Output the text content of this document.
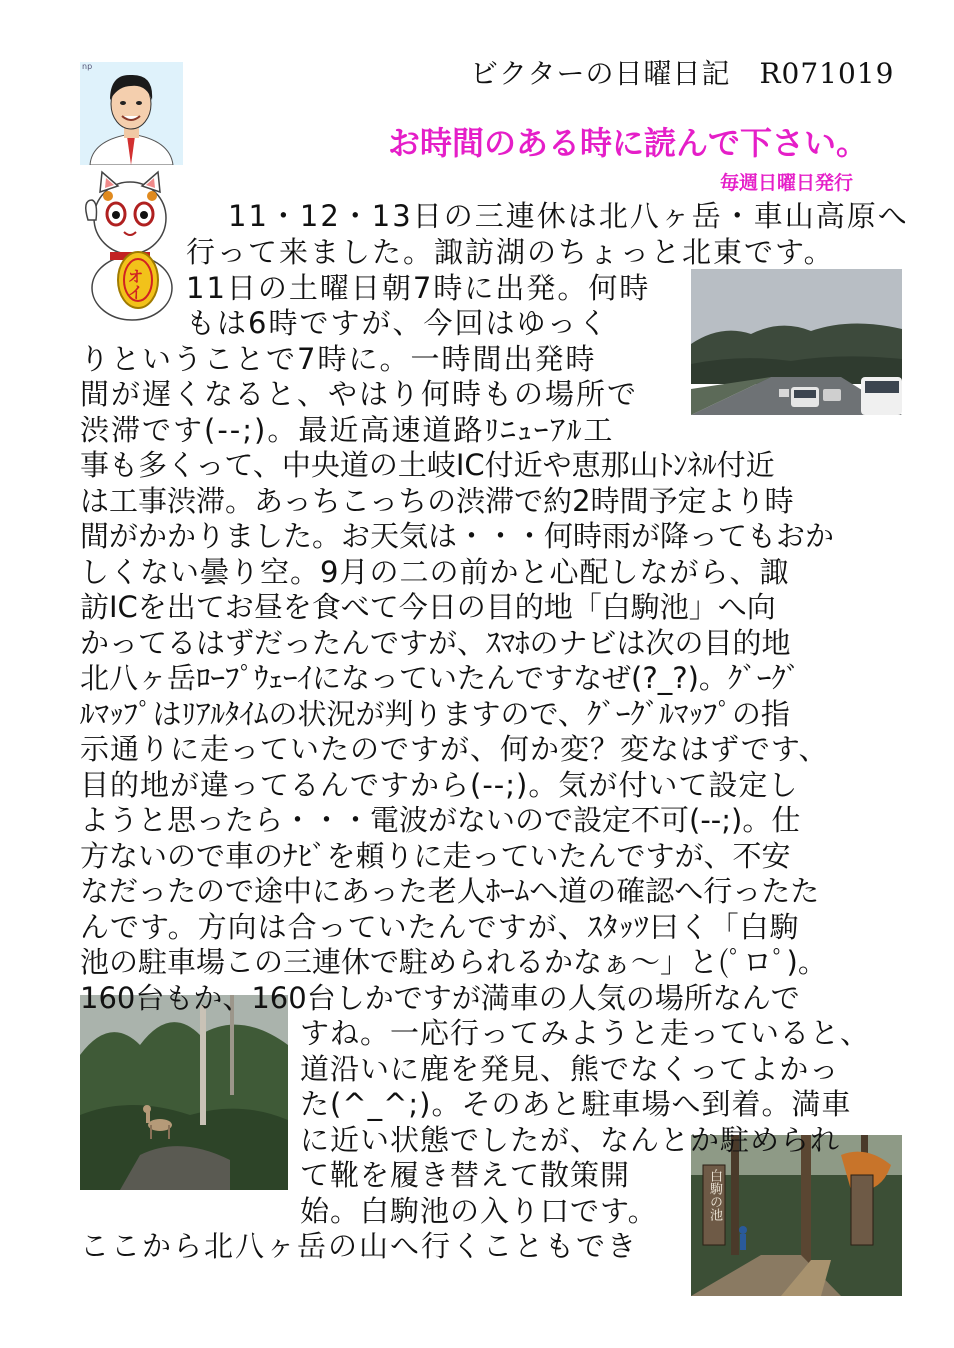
np	ビクターの日曜日記　R071019
お時間のある時に読んで下さい。
毎週日曜日発行
オイ
白駒の池
11・12・13日の三連休は北八ヶ岳・車山高原へ
行って来ました。諏訪湖のちょっと北東です。
11日の土曜日朝7時に出発。何時
もは6時ですが、今回はゆっく
りということで7時に。一時間出発時
間が遅くなると、やはり何時もの場所で
渋滞です(--;)。最近高速道路ﾘﾆｭｰｱﾙ工
事も多くって、中央道の土岐IC付近や恵那山ﾄﾝﾈﾙ付近
は工事渋滞。あっちこっちの渋滞で約2時間予定より時
間がかかりました。お天気は・・・何時雨が降ってもおか
しくない曇り空。9月の二の前かと心配しながら、諏
訪ICを出てお昼を食べて今日の目的地「白駒池」へ向
かってるはずだったんですが、ｽﾏﾎのナビは次の目的地
北八ヶ岳ﾛｰﾌﾟｳｪｰｲになっていたんですなぜ(?_?)。ｸﾞｰｸﾞ
ﾙﾏｯﾌﾟはﾘｱﾙﾀｲﾑの状況が判りますので、ｸﾞｰｸﾞﾙﾏｯﾌﾟの指
示通りに走っていたのですが、何か変？変なはずです、
目的地が違ってるんですから(--;)。気が付いて設定し
ようと思ったら・・・電波がないので設定不可(--;)。仕
方ないので車のﾅﾋﾞを頼りに走っていたんですが、不安
なだったので途中にあった老人ﾎｰﾑへ道の確認へ行ったた
んです。方向は合っていたんですが、ｽﾀｯﾂ曰く「白駒
池の駐車場この三連休で駐められるかなぁ～」と(ﾟロﾟ)。
160台もか、160台しかですが満車の人気の場所なんで
すね。一応行ってみようと走っていると、
道沿いに鹿を発見、熊でなくってよかっ
た(^_^;)。そのあと駐車場へ到着。満車
に近い状態でしたが、なんとか駐められ
て靴を履き替えて散策開
始。白駒池の入り口です。
ここから北八ヶ岳の山へ行くこともでき
